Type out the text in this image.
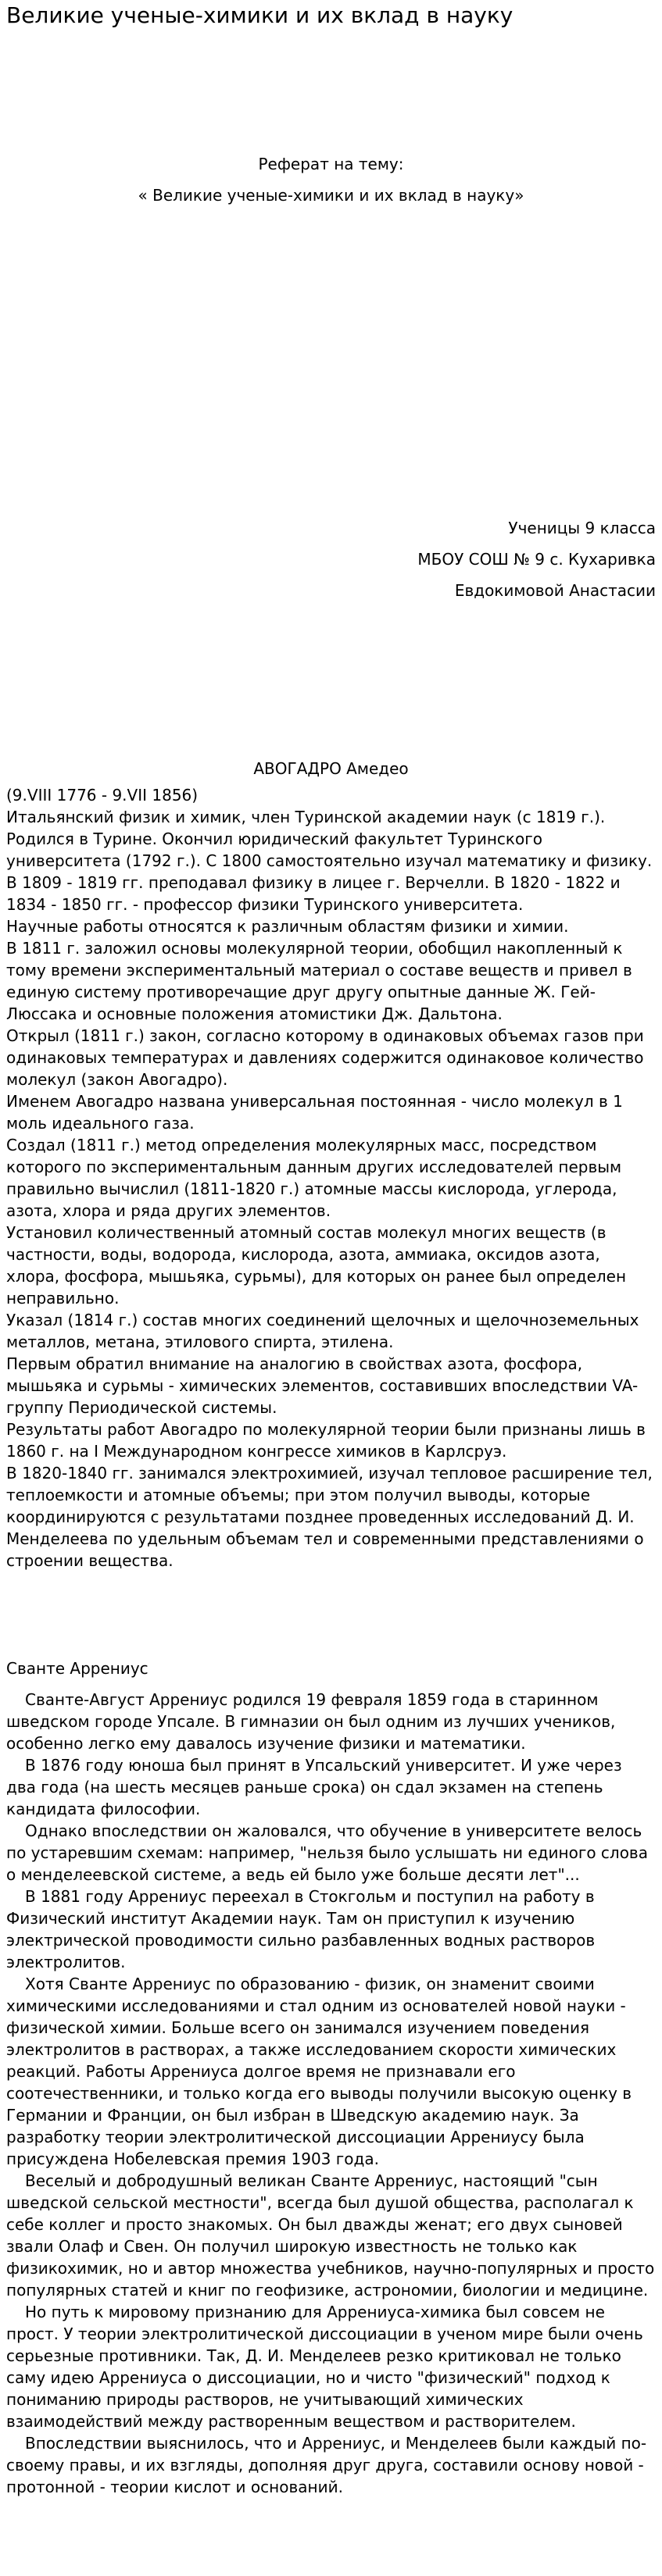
Великие ученые-химики и их вклад в науку
Реферат на тему:
« Великие ученые-химики и их вклад в науку»
Ученицы 9 класса
МБОУ СОШ № 9 с. Кухаривка
Евдокимовой Анастасии
АВОГАДРО Амедео

(9.VIII 1776 - 9.VII 1856)

Итальянский физик и химик, член Туринской академии наук (с 1819 г.). Родился в Турине. Окончил юридический факультет Туринского университета (1792 г.). С 1800 самостоятельно изучал математику и физику. В 1809 - 1819 гг. преподавал физику в лицее г. Верчелли. В 1820 - 1822 и 1834 - 1850 гг. - профессор физики Туринского университета.

Научные работы относятся к различным областям физики и химии.

В 1811 г. заложил основы молекулярной теории, обобщил накопленный к тому времени экспериментальный материал о составе веществ и привел в единую систему противоречащие друг другу опытные данные Ж. Гей-Люссака и основные положения атомистики Дж. Дальтона.

Открыл (1811 г.) закон, согласно которому в одинаковых объемах газов при одинаковых температурах и давлениях содержится одинаковое количество молекул (закон Авогадро).

Именем Авогадро названа универсальная постоянная - число молекул в 1 моль идеального газа.

Создал (1811 г.) метод определения молекулярных масс, посредством которого по экспериментальным данным других исследователей первым правильно вычислил (1811-1820 г.) атомные массы кислорода, углерода, азота, хлора и ряда других элементов.

Установил количественный атомный состав молекул многих веществ (в частности, воды, водорода, кислорода, азота, аммиака, оксидов азота, хлора, фосфора, мышьяка, сурьмы), для которых он ранее был определен неправильно.

Указал (1814 г.) состав многих соединений щелочных и щелочноземельных металлов, метана, этилового спирта, этилена.

Первым обратил внимание на аналогию в свойствах азота, фосфора, мышьяка и сурьмы - химических элементов, составивших впоследствии VA-группу Периодической системы.

Результаты работ Авогадро по молекулярной теории были признаны лишь в 1860 г. на I Международном конгрессе химиков в Карлсруэ.

В 1820-1840 гг. занимался электрохимией, изучал тепловое расширение тел, теплоемкости и атомные объемы; при этом получил выводы, которые координируются с результатами позднее проведенных исследований Д. И. Менделеева по удельным объемам тел и современными представлениями о строении вещества.

Сванте Аррениус

Сванте-Август Аррениус родился 19 февраля 1859 года в старинном шведском городе Упсале. В гимназии он был одним из лучших учеников, особенно легко ему давалось изучение физики и математики.

В 1876 году юноша был принят в Упсальский университет. И уже через два года (на шесть месяцев раньше срока) он сдал экзамен на степень кандидата философии.

Однако впоследствии он жаловался, что обучение в университете велось по устаревшим схемам: например, "нельзя было услышать ни единого слова о менделеевской системе, а ведь ей было уже больше десяти лет"...

В 1881 году Аррениус переехал в Стокгольм и поступил на работу в Физический институт Академии наук. Там он приступил к изучению электрической проводимости сильно разбавленных водных растворов электролитов.

Хотя Сванте Аррениус по образованию - физик, он знаменит своими химическими исследованиями и стал одним из основателей новой науки - физической химии. Больше всего он занимался изучением поведения электролитов в растворах, а также исследованием скорости химических реакций. Работы Аррениуса долгое время не признавали его соотечественники, и только когда его выводы получили высокую оценку в Германии и Франции, он был избран в Шведскую академию наук. За разработку теории электролитической диссоциации Аррениусу была присуждена Нобелевская премия 1903 года.

Веселый и добродушный великан Сванте Аррениус, настоящий "сын шведской сельской местности", всегда был душой общества, располагал к себе коллег и просто знакомых. Он был дважды женат; его двух сыновей звали Олаф и Свен. Он получил широкую известность не только как физикохимик, но и автор множества учебников, научно-популярных и просто популярных статей и книг по геофизике, астрономии, биологии и медицине.

Но путь к мировому признанию для Аррениуса-химика был совсем не прост. У теории электролитической диссоциации в ученом мире были очень серьезные противники. Так, Д. И. Менделеев резко критиковал не только саму идею Аррениуса о диссоциации, но и чисто "физический" подход к пониманию природы растворов, не учитывающий химических взаимодействий между растворенным веществом и растворителем.

Впоследствии выяснилось, что и Аррениус, и Менделеев были каждый по-своему правы, и их взгляды, дополняя друг друга, составили основу новой - протонной - теории кислот и оснований.
